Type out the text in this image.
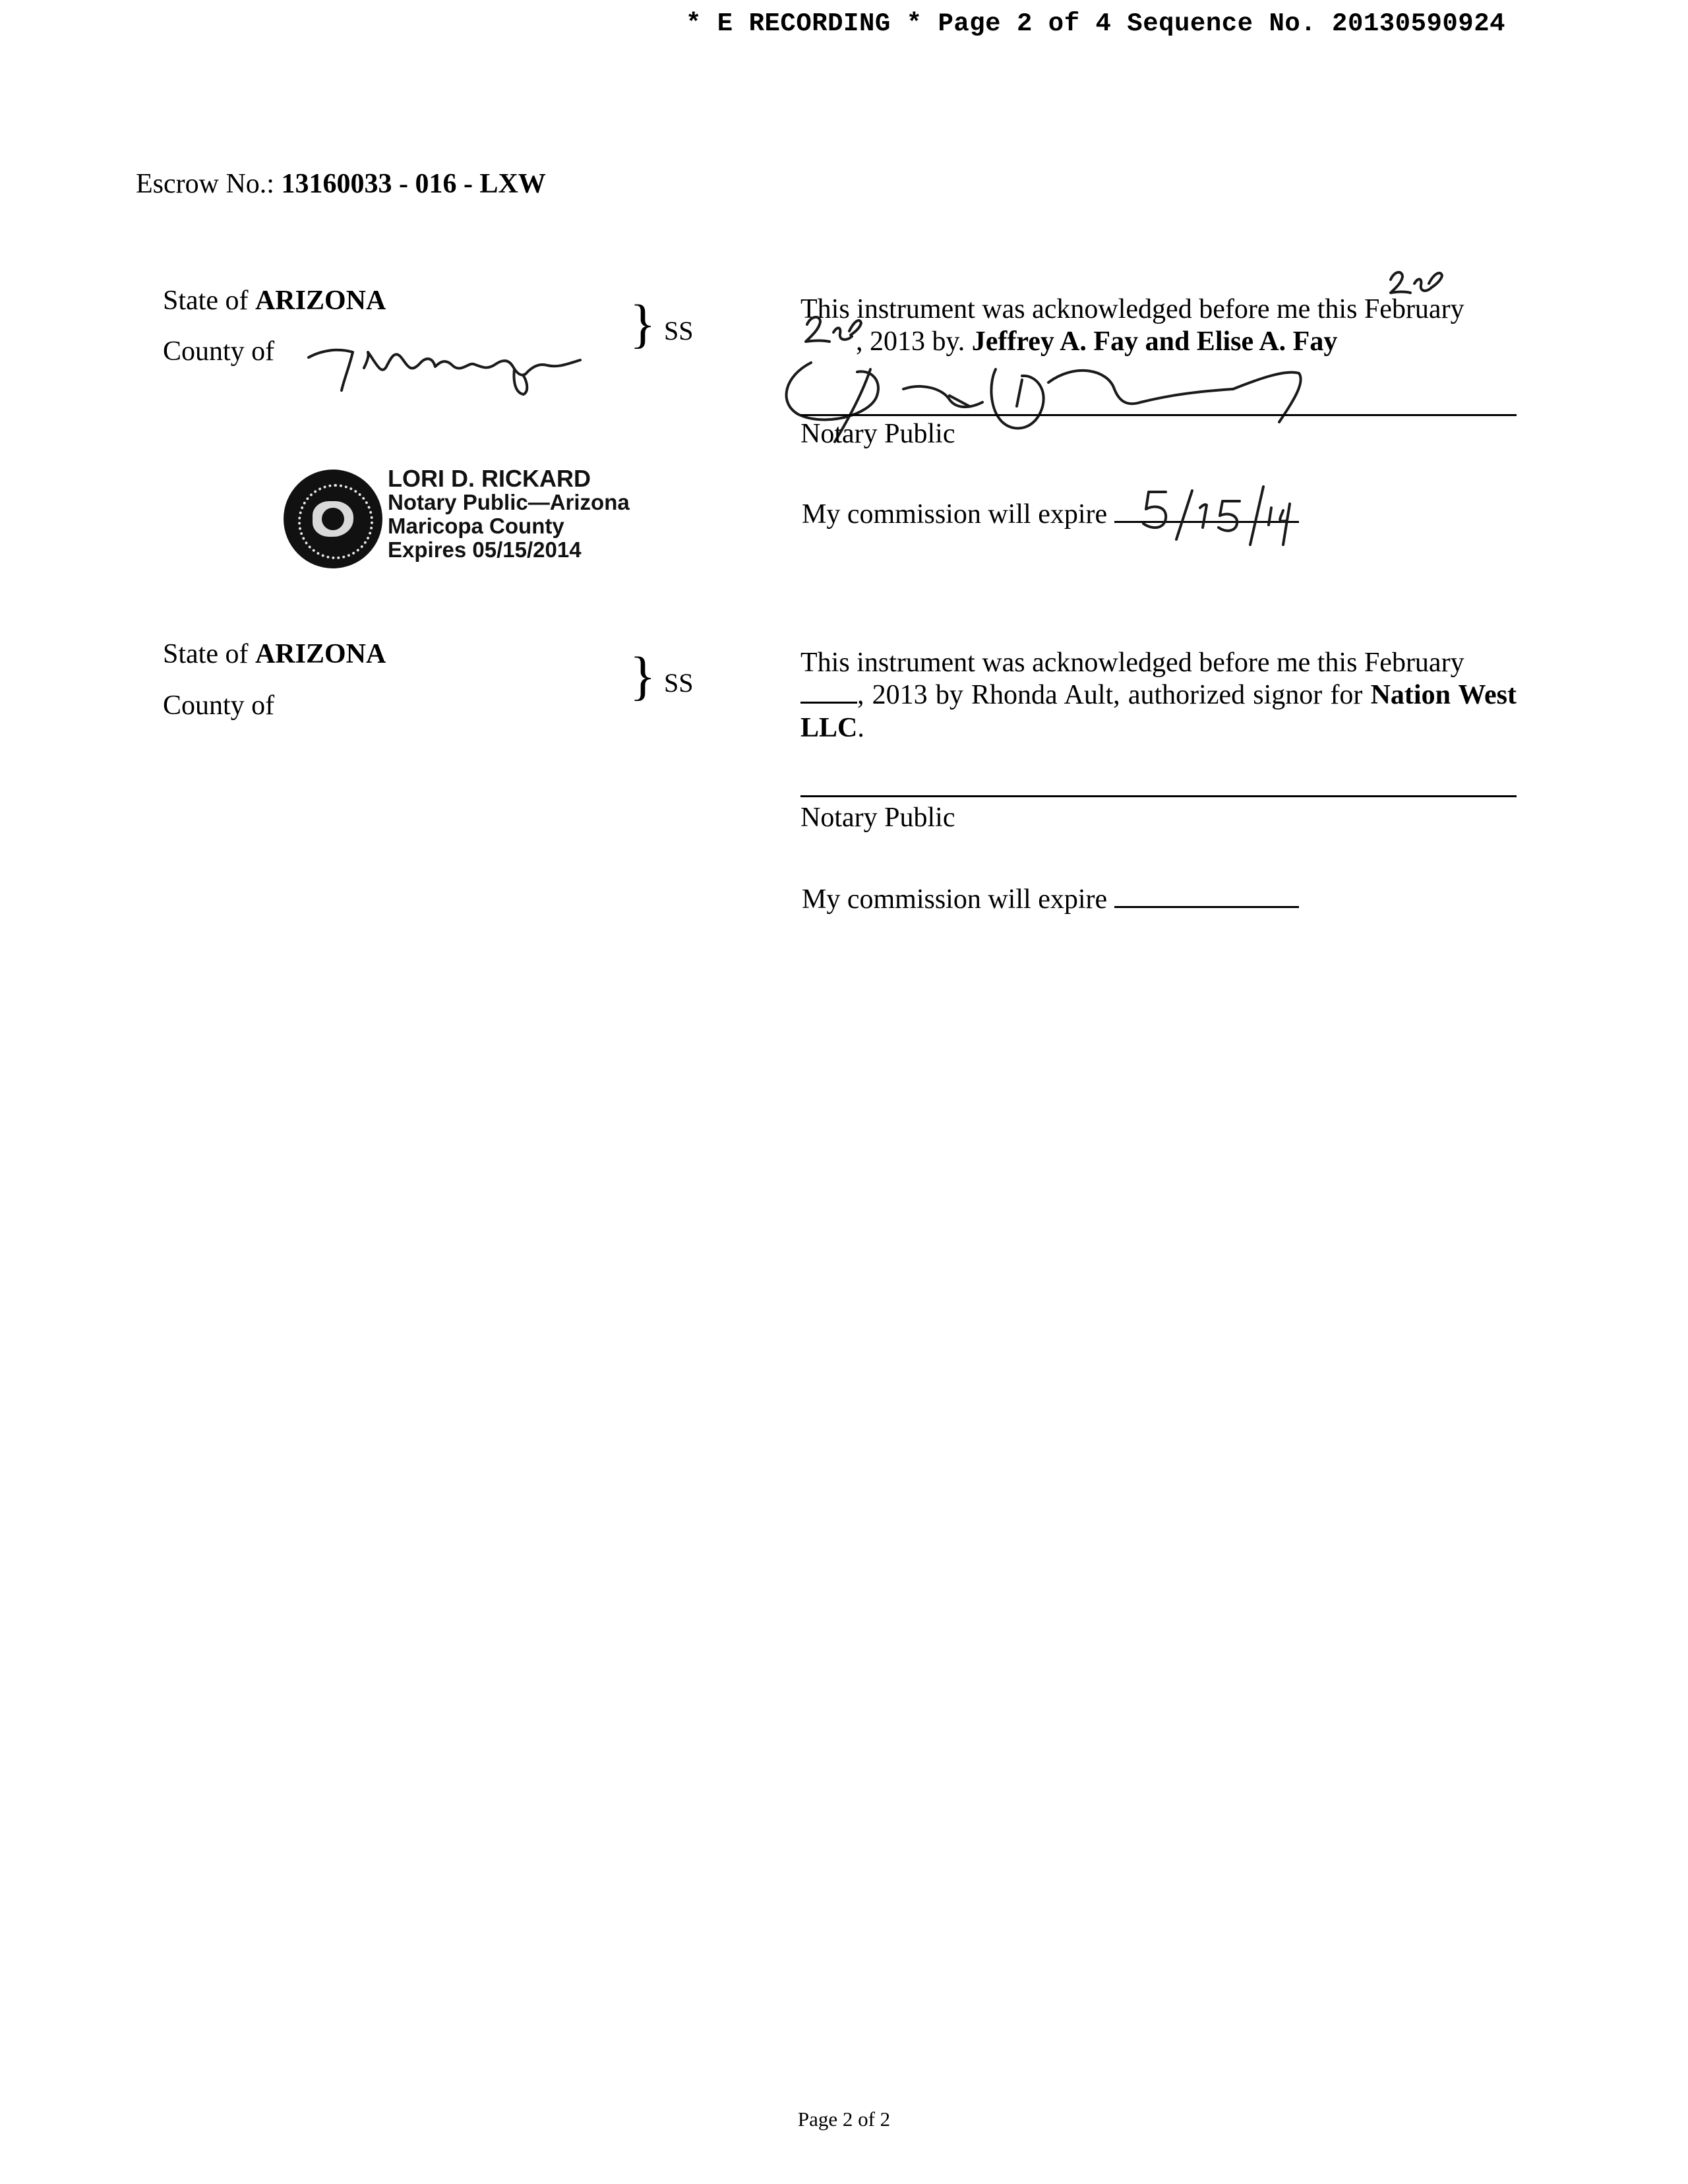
* E RECORDING * Page 2 of 4 Sequence No. 20130590924
Escrow No.: 13160033 - 016 - LXW
State of ARIZONA
County of	} SS
This instrument was acknowledged before me this February
, 2013 by. Jeffrey A. Fay and Elise A. Fay
Notary Public
LORI D. RICKARD
Notary Public—Arizona
Maricopa County
Expires 05/15/2014
My commission will expire
State of ARIZONA
County of	} SS
This instrument was acknowledged before me this February
, 2013 by Rhonda Ault, authorized signor for Nation West
LLC.
Notary Public
My commission will expire
Page 2 of 2
